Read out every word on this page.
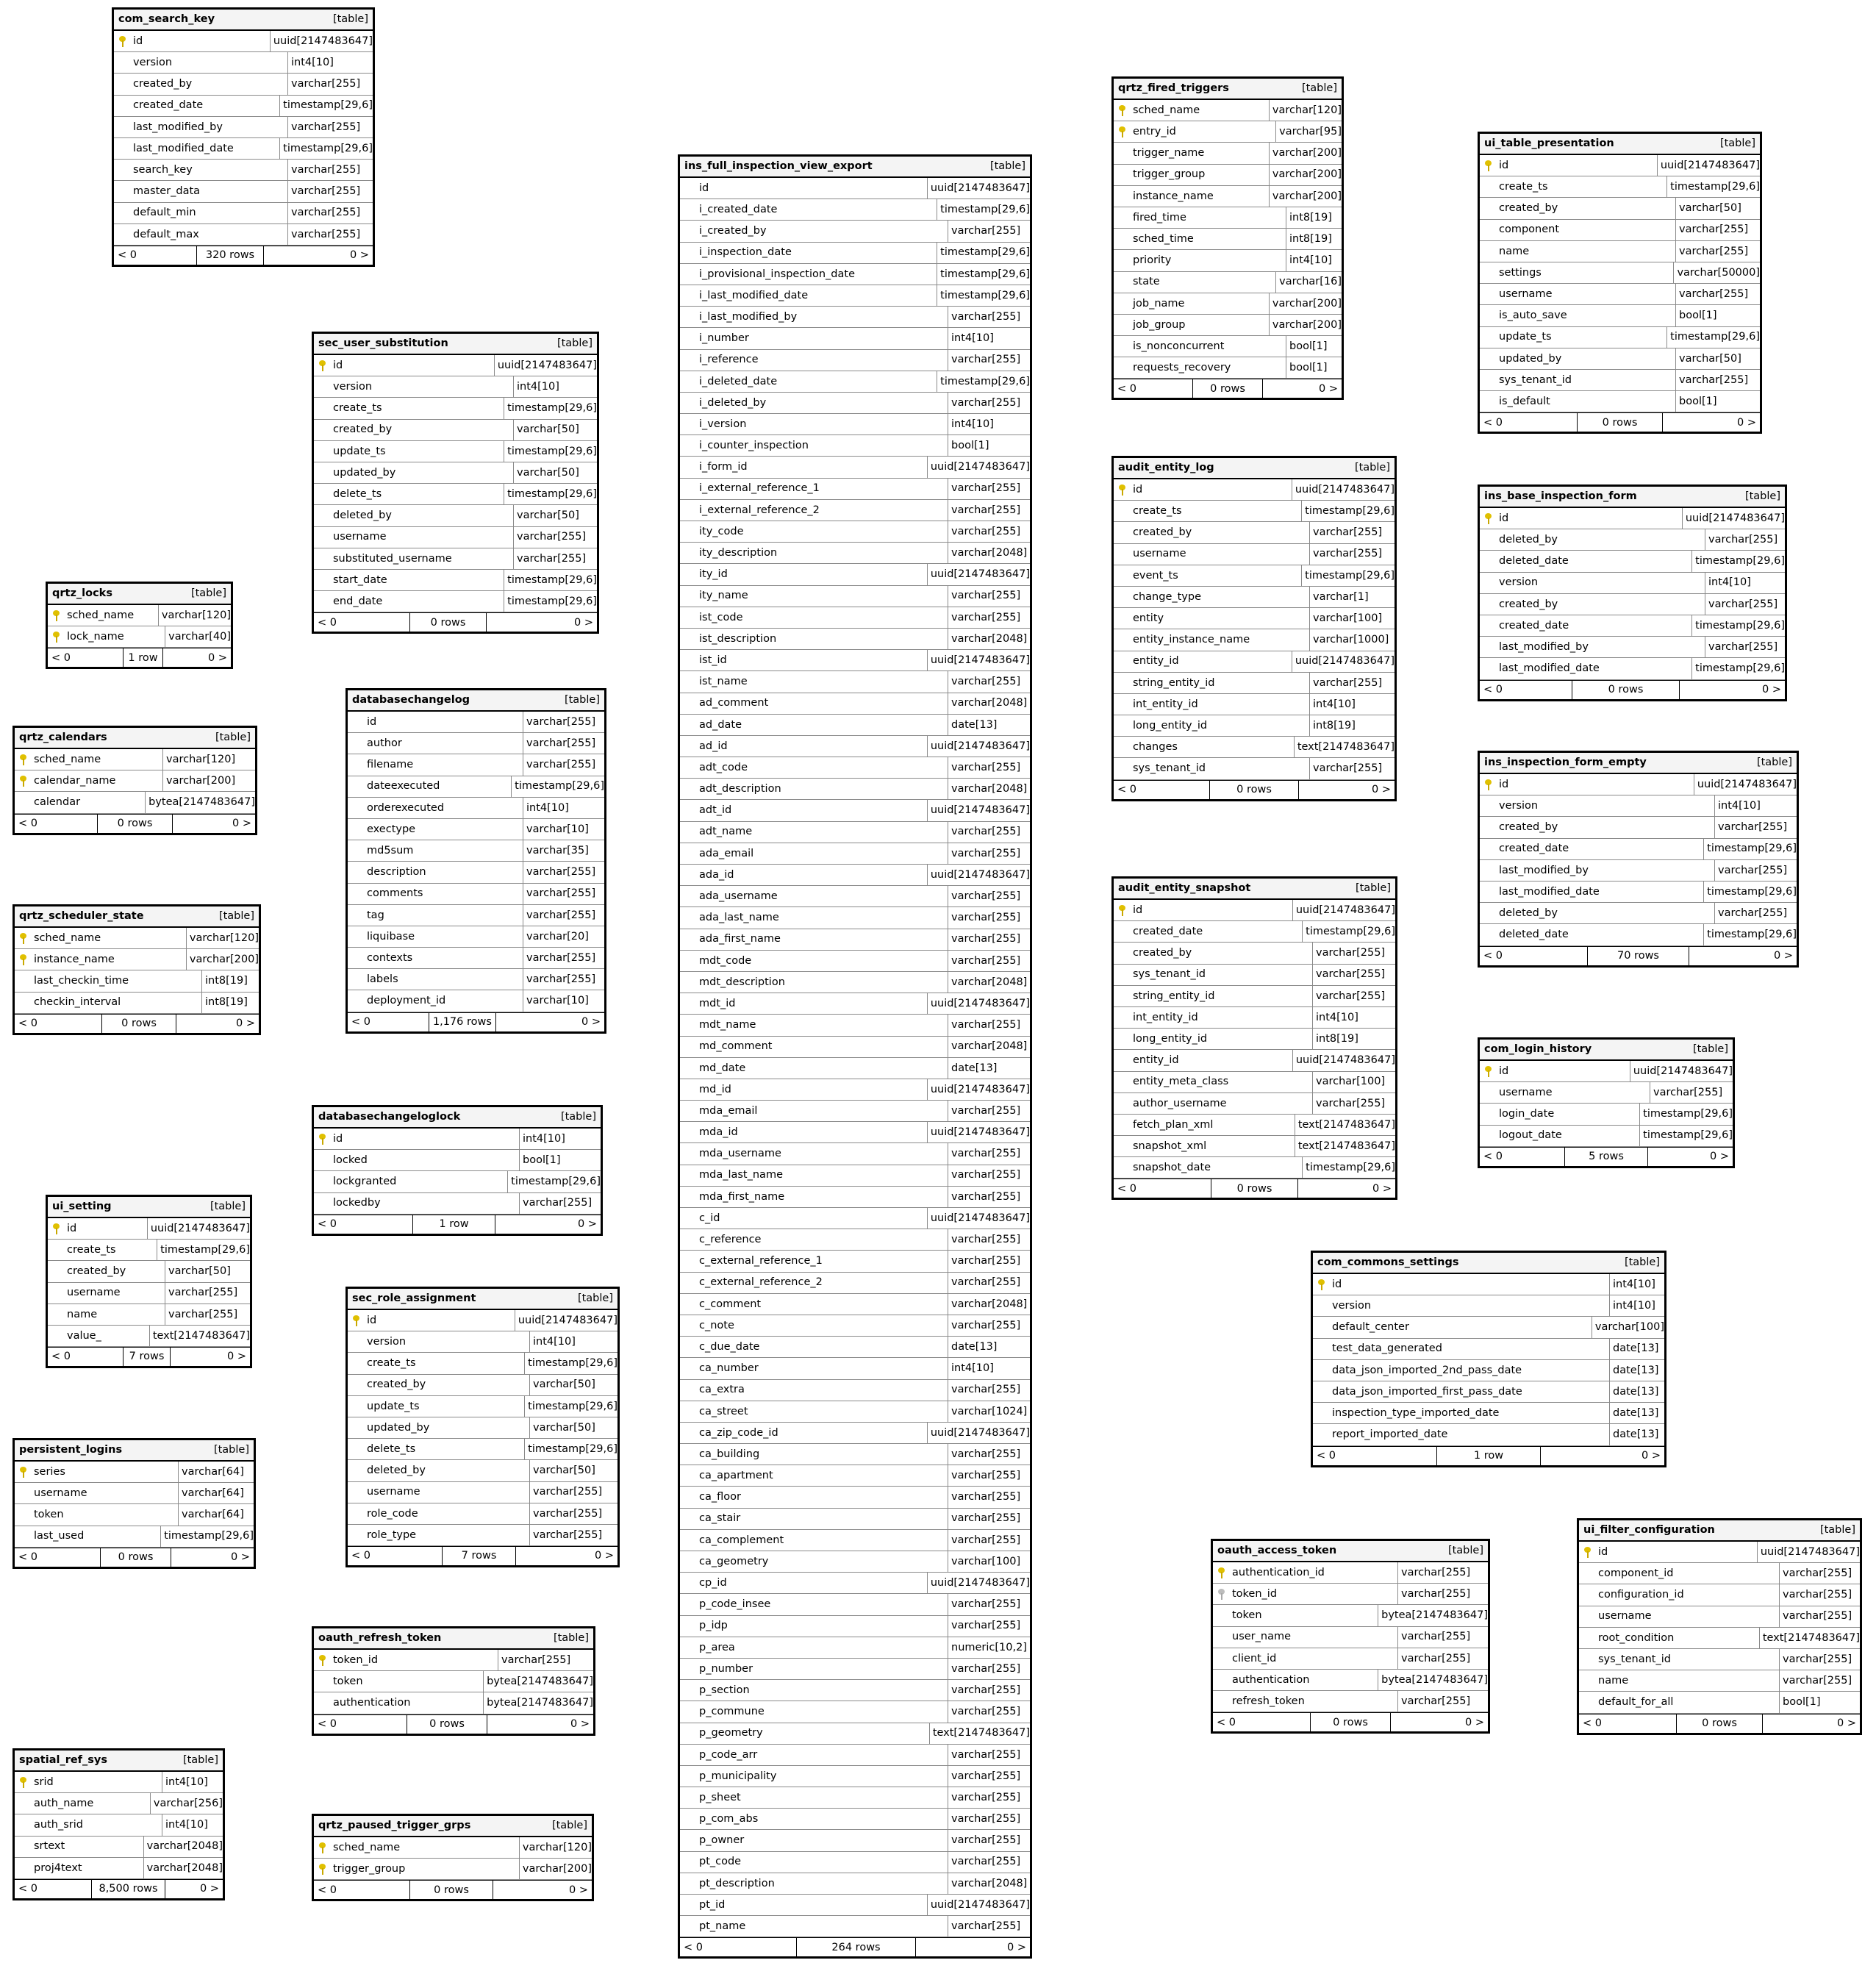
com_search_key	[table]
id	uuid[2147483647]
version	int4[10]
created_by	varchar[255]
created_date	timestamp[29,6]
last_modified_by	varchar[255]
last_modified_date	timestamp[29,6]
search_key	varchar[255]
master_data	varchar[255]
default_min	varchar[255]
default_max	varchar[255]
< 0	320 rows	0 >
sec_user_substitution	[table]
id	uuid[2147483647]
version	int4[10]
create_ts	timestamp[29,6]
created_by	varchar[50]
update_ts	timestamp[29,6]
updated_by	varchar[50]
delete_ts	timestamp[29,6]
deleted_by	varchar[50]
username	varchar[255]
substituted_username	varchar[255]
start_date	timestamp[29,6]
end_date	timestamp[29,6]
< 0	0 rows	0 >
qrtz_locks	[table]
sched_name	varchar[120]
lock_name	varchar[40]
< 0	1 row	0 >
qrtz_calendars	[table]
sched_name	varchar[120]
calendar_name	varchar[200]
calendar	bytea[2147483647]
< 0	0 rows	0 >
databasechangelog	[table]
id	varchar[255]
author	varchar[255]
filename	varchar[255]
dateexecuted	timestamp[29,6]
orderexecuted	int4[10]
exectype	varchar[10]
md5sum	varchar[35]
description	varchar[255]
comments	varchar[255]
tag	varchar[255]
liquibase	varchar[20]
contexts	varchar[255]
labels	varchar[255]
deployment_id	varchar[10]
< 0	1,176 rows	0 >
qrtz_scheduler_state	[table]
sched_name	varchar[120]
instance_name	varchar[200]
last_checkin_time	int8[19]
checkin_interval	int8[19]
< 0	0 rows	0 >
databasechangeloglock	[table]
id	int4[10]
locked	bool[1]
lockgranted	timestamp[29,6]
lockedby	varchar[255]
< 0	1 row	0 >
ui_setting	[table]
id	uuid[2147483647]
create_ts	timestamp[29,6]
created_by	varchar[50]
username	varchar[255]
name	varchar[255]
value_	text[2147483647]
< 0	7 rows	0 >
sec_role_assignment	[table]
id	uuid[2147483647]
version	int4[10]
create_ts	timestamp[29,6]
created_by	varchar[50]
update_ts	timestamp[29,6]
updated_by	varchar[50]
delete_ts	timestamp[29,6]
deleted_by	varchar[50]
username	varchar[255]
role_code	varchar[255]
role_type	varchar[255]
< 0	7 rows	0 >
persistent_logins	[table]
series	varchar[64]
username	varchar[64]
token	varchar[64]
last_used	timestamp[29,6]
< 0	0 rows	0 >
oauth_refresh_token	[table]
token_id	varchar[255]
token	bytea[2147483647]
authentication	bytea[2147483647]
< 0	0 rows	0 >
spatial_ref_sys	[table]
srid	int4[10]
auth_name	varchar[256]
auth_srid	int4[10]
srtext	varchar[2048]
proj4text	varchar[2048]
< 0	8,500 rows	0 >
qrtz_paused_trigger_grps	[table]
sched_name	varchar[120]
trigger_group	varchar[200]
< 0	0 rows	0 >
ins_full_inspection_view_export	[table]
id	uuid[2147483647]
i_created_date	timestamp[29,6]
i_created_by	varchar[255]
i_inspection_date	timestamp[29,6]
i_provisional_inspection_date	timestamp[29,6]
i_last_modified_date	timestamp[29,6]
i_last_modified_by	varchar[255]
i_number	int4[10]
i_reference	varchar[255]
i_deleted_date	timestamp[29,6]
i_deleted_by	varchar[255]
i_version	int4[10]
i_counter_inspection	bool[1]
i_form_id	uuid[2147483647]
i_external_reference_1	varchar[255]
i_external_reference_2	varchar[255]
ity_code	varchar[255]
ity_description	varchar[2048]
ity_id	uuid[2147483647]
ity_name	varchar[255]
ist_code	varchar[255]
ist_description	varchar[2048]
ist_id	uuid[2147483647]
ist_name	varchar[255]
ad_comment	varchar[2048]
ad_date	date[13]
ad_id	uuid[2147483647]
adt_code	varchar[255]
adt_description	varchar[2048]
adt_id	uuid[2147483647]
adt_name	varchar[255]
ada_email	varchar[255]
ada_id	uuid[2147483647]
ada_username	varchar[255]
ada_last_name	varchar[255]
ada_first_name	varchar[255]
mdt_code	varchar[255]
mdt_description	varchar[2048]
mdt_id	uuid[2147483647]
mdt_name	varchar[255]
md_comment	varchar[2048]
md_date	date[13]
md_id	uuid[2147483647]
mda_email	varchar[255]
mda_id	uuid[2147483647]
mda_username	varchar[255]
mda_last_name	varchar[255]
mda_first_name	varchar[255]
c_id	uuid[2147483647]
c_reference	varchar[255]
c_external_reference_1	varchar[255]
c_external_reference_2	varchar[255]
c_comment	varchar[2048]
c_note	varchar[255]
c_due_date	date[13]
ca_number	int4[10]
ca_extra	varchar[255]
ca_street	varchar[1024]
ca_zip_code_id	uuid[2147483647]
ca_building	varchar[255]
ca_apartment	varchar[255]
ca_floor	varchar[255]
ca_stair	varchar[255]
ca_complement	varchar[255]
ca_geometry	varchar[100]
cp_id	uuid[2147483647]
p_code_insee	varchar[255]
p_idp	varchar[255]
p_area	numeric[10,2]
p_number	varchar[255]
p_section	varchar[255]
p_commune	varchar[255]
p_geometry	text[2147483647]
p_code_arr	varchar[255]
p_municipality	varchar[255]
p_sheet	varchar[255]
p_com_abs	varchar[255]
p_owner	varchar[255]
pt_code	varchar[255]
pt_description	varchar[2048]
pt_id	uuid[2147483647]
pt_name	varchar[255]
< 0	264 rows	0 >
qrtz_fired_triggers	[table]
sched_name	varchar[120]
entry_id	varchar[95]
trigger_name	varchar[200]
trigger_group	varchar[200]
instance_name	varchar[200]
fired_time	int8[19]
sched_time	int8[19]
priority	int4[10]
state	varchar[16]
job_name	varchar[200]
job_group	varchar[200]
is_nonconcurrent	bool[1]
requests_recovery	bool[1]
< 0	0 rows	0 >
audit_entity_log	[table]
id	uuid[2147483647]
create_ts	timestamp[29,6]
created_by	varchar[255]
username	varchar[255]
event_ts	timestamp[29,6]
change_type	varchar[1]
entity	varchar[100]
entity_instance_name	varchar[1000]
entity_id	uuid[2147483647]
string_entity_id	varchar[255]
int_entity_id	int4[10]
long_entity_id	int8[19]
changes	text[2147483647]
sys_tenant_id	varchar[255]
< 0	0 rows	0 >
audit_entity_snapshot	[table]
id	uuid[2147483647]
created_date	timestamp[29,6]
created_by	varchar[255]
sys_tenant_id	varchar[255]
string_entity_id	varchar[255]
int_entity_id	int4[10]
long_entity_id	int8[19]
entity_id	uuid[2147483647]
entity_meta_class	varchar[100]
author_username	varchar[255]
fetch_plan_xml	text[2147483647]
snapshot_xml	text[2147483647]
snapshot_date	timestamp[29,6]
< 0	0 rows	0 >
ui_table_presentation	[table]
id	uuid[2147483647]
create_ts	timestamp[29,6]
created_by	varchar[50]
component	varchar[255]
name	varchar[255]
settings	varchar[50000]
username	varchar[255]
is_auto_save	bool[1]
update_ts	timestamp[29,6]
updated_by	varchar[50]
sys_tenant_id	varchar[255]
is_default	bool[1]
< 0	0 rows	0 >
ins_base_inspection_form	[table]
id	uuid[2147483647]
deleted_by	varchar[255]
deleted_date	timestamp[29,6]
version	int4[10]
created_by	varchar[255]
created_date	timestamp[29,6]
last_modified_by	varchar[255]
last_modified_date	timestamp[29,6]
< 0	0 rows	0 >
ins_inspection_form_empty	[table]
id	uuid[2147483647]
version	int4[10]
created_by	varchar[255]
created_date	timestamp[29,6]
last_modified_by	varchar[255]
last_modified_date	timestamp[29,6]
deleted_by	varchar[255]
deleted_date	timestamp[29,6]
< 0	70 rows	0 >
com_login_history	[table]
id	uuid[2147483647]
username	varchar[255]
login_date	timestamp[29,6]
logout_date	timestamp[29,6]
< 0	5 rows	0 >
com_commons_settings	[table]
id	int4[10]
version	int4[10]
default_center	varchar[100]
test_data_generated	date[13]
data_json_imported_2nd_pass_date	date[13]
data_json_imported_first_pass_date	date[13]
inspection_type_imported_date	date[13]
report_imported_date	date[13]
< 0	1 row	0 >
oauth_access_token	[table]
authentication_id	varchar[255]
token_id	varchar[255]
token	bytea[2147483647]
user_name	varchar[255]
client_id	varchar[255]
authentication	bytea[2147483647]
refresh_token	varchar[255]
< 0	0 rows	0 >
ui_filter_configuration	[table]
id	uuid[2147483647]
component_id	varchar[255]
configuration_id	varchar[255]
username	varchar[255]
root_condition	text[2147483647]
sys_tenant_id	varchar[255]
name	varchar[255]
default_for_all	bool[1]
< 0	0 rows	0 >
